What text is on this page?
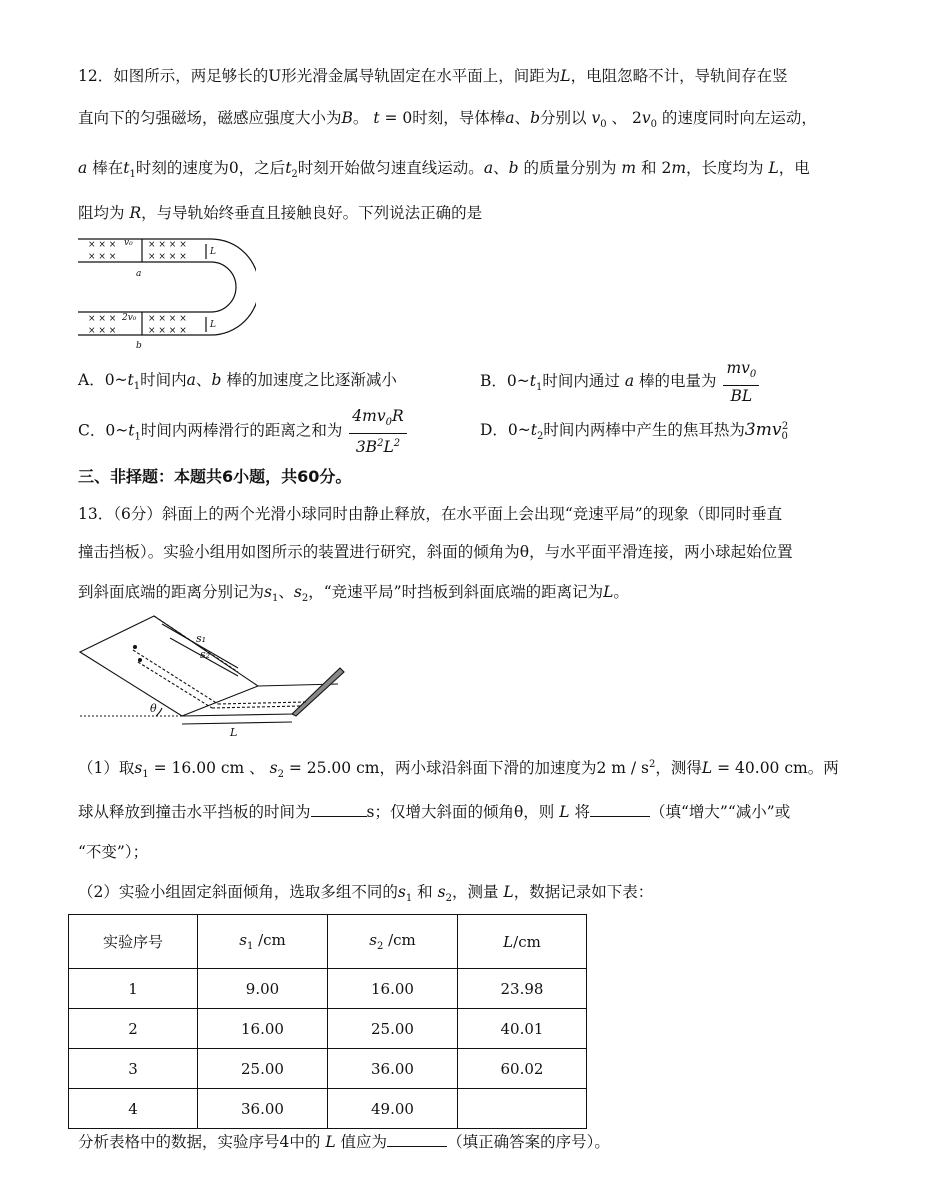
12．如图所示，两足够长的U形光滑金属导轨固定在水平面上，间距为L，电阻忽略不计，导轨间存在竖
直向下的匀强磁场，磁感应强度大小为B。 t = 0时刻，导体棒a、b分别以 $v_0$ 、 $2v_0$ 的速度同时向左运动，
a 棒在$t_1$时刻的速度为0，之后$t_2$时刻开始做匀速直线运动。a、b 的质量分别为 m 和 2m，长度均为 L，电
阻均为 R，与导轨始终垂直且接触良好。下列说法正确的是
× × ×	× × × ×
× × ×	× × × ×
× × ×	× × × ×
× × ×	× × × ×
v₀
2v₀
a
b
L
L
A．$0\sim t_1$时间内a、b 棒的加速度之比逐渐减小	B．$0\sim t_1$时间内通过 a 棒的电量为 $\frac{mv_0}{BL}$
C．$0\sim t_1$时间内两棒滑行的距离之和为 $\frac{4mv_0R}{3B^2L^2}$	D．$0\sim t_2$时间内两棒中产生的焦耳热为$3mv_0^2$
三、非择题：本题共6小题，共60分。
13．（6分）斜面上的两个光滑小球同时由静止释放，在水平面上会出现“竞速平局”的现象（即同时垂直
撞击挡板）。实验小组用如图所示的装置进行研究，斜面的倾角为θ，与水平面平滑连接，两小球起始位置
到斜面底端的距离分别记为$s_1$、$s_2$，“竞速平局”时挡板到斜面底端的距离记为L。
s₁
s₂
θ
L
（1）取$s_1 = 16.00$ cm 、 $s_2 = 25.00$ cm，两小球沿斜面下滑的加速度为2 m / $s^2$，测得L = 40.00 cm。两
球从释放到撞击水平挡板的时间为	s；仅增大斜面的倾角θ，则 L 将	（填“增大”“减小”或
“不变”）；
（2）实验小组固定斜面倾角，选取多组不同的$s_1$ 和 $s_2$，测量 L，数据记录如下表：
实验序号	$s_1$ /cm	$s_2$ /cm	L/cm
1	9.00	16.00	23.98
2	16.00	25.00	40.01
3	25.00	36.00	60.02
4	36.00	49.00	
分析表格中的数据，实验序号4中的 L 值应为	（填正确答案的序号）。
